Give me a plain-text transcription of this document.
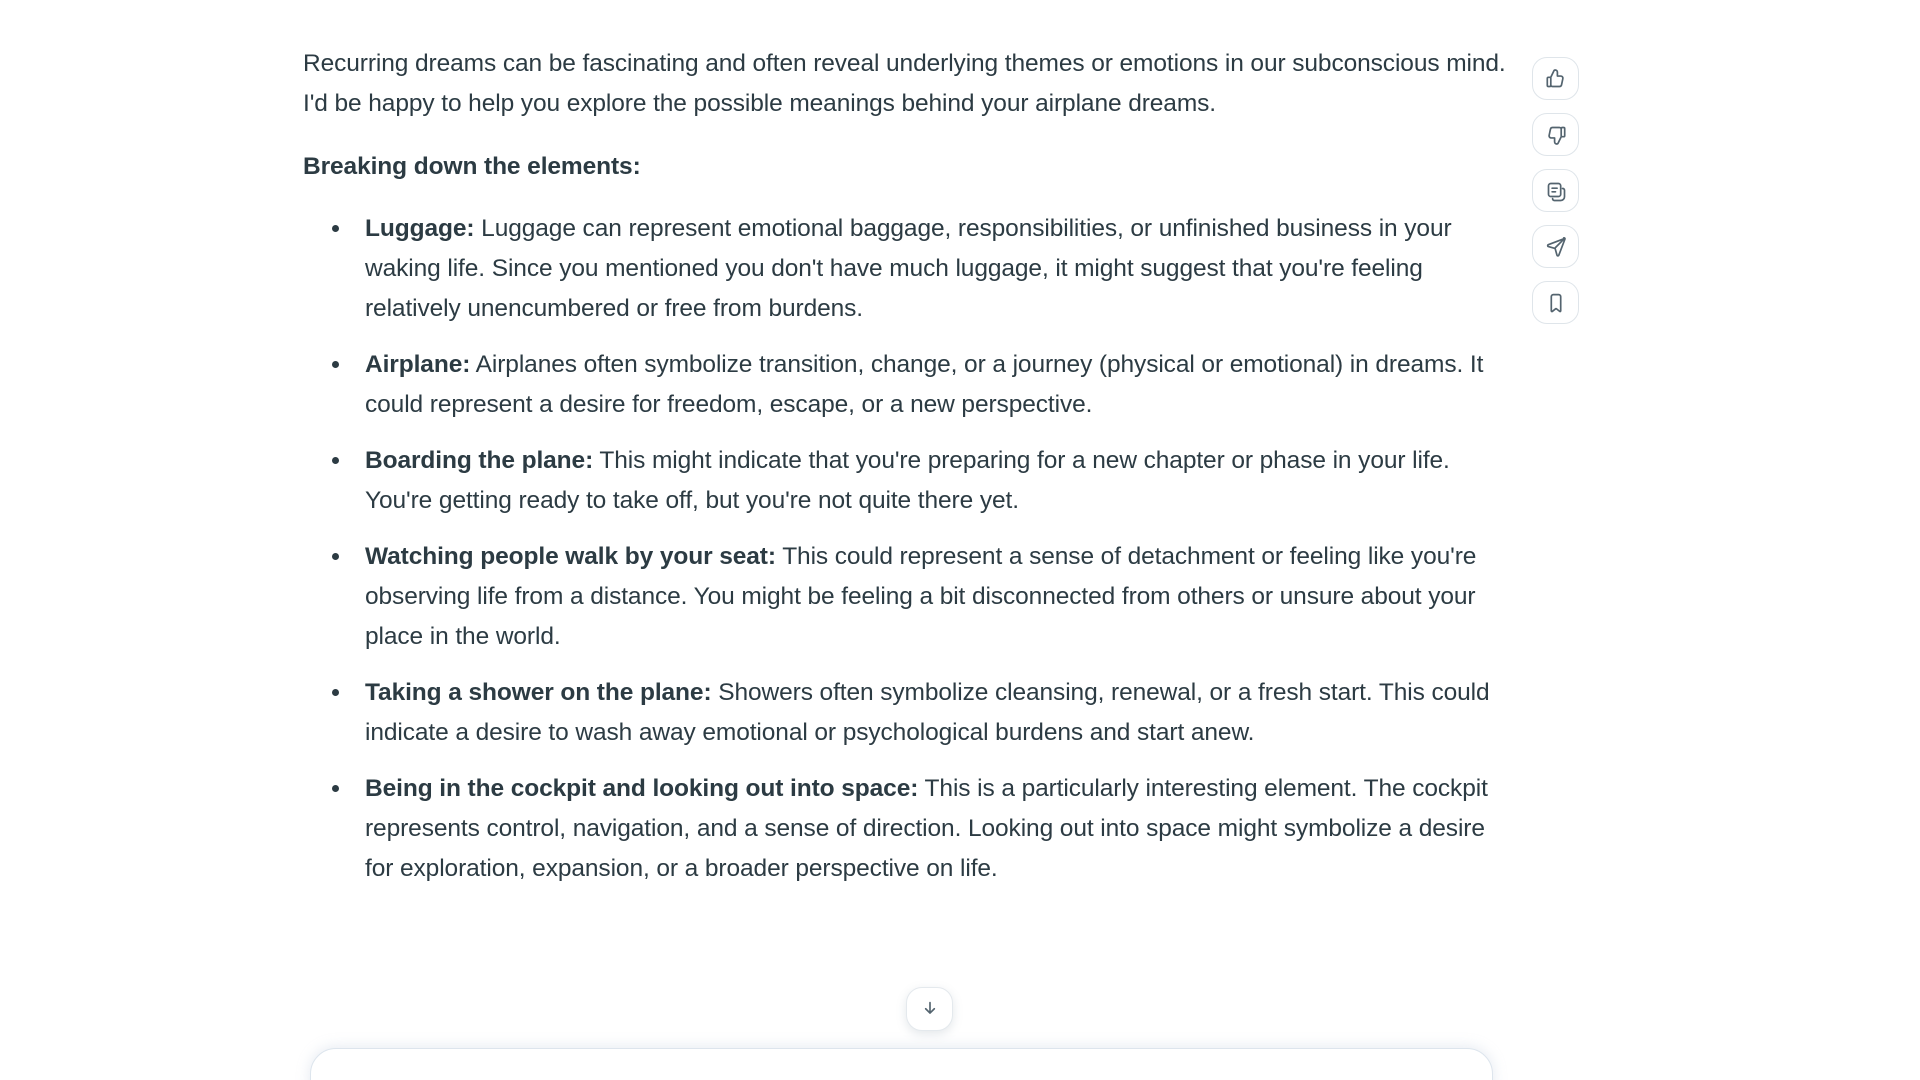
Recurring dreams can be fascinating and often reveal underlying themes or emotions in our subconscious mind. I'd be happy to help you explore the possible meanings behind your airplane dreams.

Breaking down the elements:
Luggage: Luggage can represent emotional baggage, responsibilities, or unfinished business in your waking life. Since you mentioned you don't have much luggage, it might suggest that you're feeling relatively unencumbered or free from burdens.
Airplane: Airplanes often symbolize transition, change, or a journey (physical or emotional) in dreams. It could represent a desire for freedom, escape, or a new perspective.
Boarding the plane: This might indicate that you're preparing for a new chapter or phase in your life. You're getting ready to take off, but you're not quite there yet.
Watching people walk by your seat: This could represent a sense of detachment or feeling like you're observing life from a distance. You might be feeling a bit disconnected from others or unsure about your place in the world.
Taking a shower on the plane: Showers often symbolize cleansing, renewal, or a fresh start. This could indicate a desire to wash away emotional or psychological burdens and start anew.
Being in the cockpit and looking out into space: This is a particularly interesting element. The cockpit represents control, navigation, and a sense of direction. Looking out into space might symbolize a desire for exploration, expansion, or a broader perspective on life.
